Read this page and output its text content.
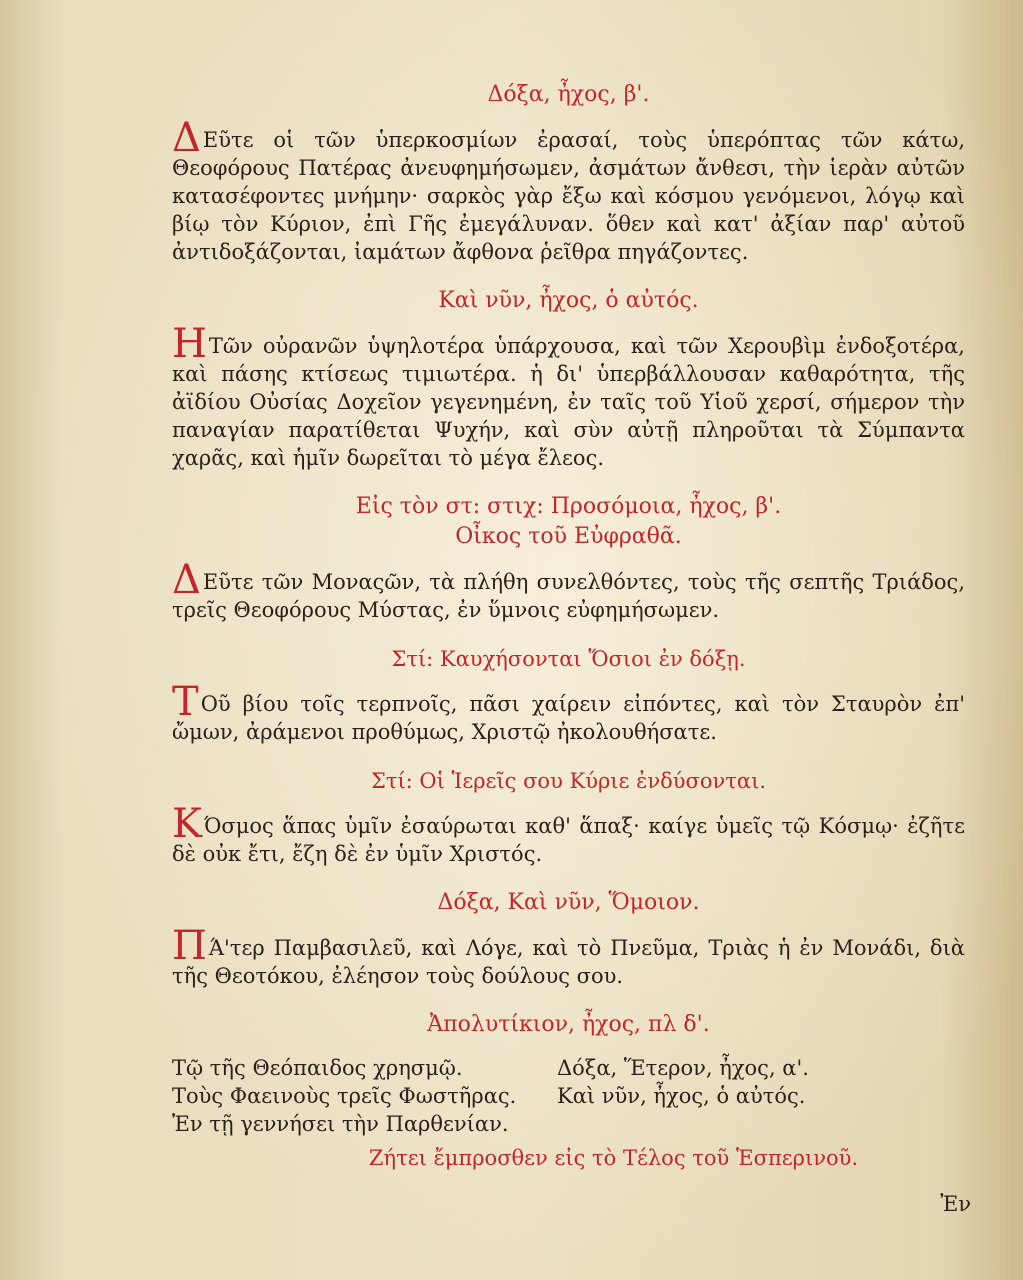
Δόξα, ἦχος, β'.

ΔΕῦτε οἱ τῶν ὑπερκοσμίων ἐρασαί, τοὺς ὑπερόπτας τῶν κάτω, Θεοφόρους Πατέρας ἀνευφημήσωμεν, ἀσμάτων ἄνθεσι, τὴν ἱερὰν αὐτῶν κατασέφοντες μνήμην· σαρκὸς γὰρ ἔξω καὶ κόσμου γενόμενοι, λόγῳ καὶ βίῳ τὸν Κύριον, ἐπὶ Γῆς ἐμεγάλυναν. ὅθεν καὶ κατ' ἀξίαν παρ' αὐτοῦ ἀντιδοξάζονται, ἰαμάτων ἄφθονα ῥεῖθρα πηγάζοντες.

Καὶ νῦν, ἦχος, ὁ αὐτός.

ΗΤῶν οὐρανῶν ὑψηλοτέρα ὑπάρχουσα, καὶ τῶν Χερουβὶμ ἐνδοξοτέρα, καὶ πάσης κτίσεως τιμιωτέρα. ἡ δι' ὑπερβάλλουσαν καθαρότητα, τῆς ἀϊδίου Οὐσίας Δοχεῖον γεγενημένη, ἐν ταῖς τοῦ Υἱοῦ χερσί, σήμερον τὴν παναγίαν παρατίθεται Ψυχήν, καὶ σὺν αὐτῇ πληροῦται τὰ Σύμπαντα χαρᾶς, καὶ ἡμῖν δωρεῖται τὸ μέγα ἔλεος.

Εἰς τὸν στ: στιχ: Προσόμοια, ἦχος, β'.

Οἶκος τοῦ Εὐφραθᾶ.

ΔΕῦτε τῶν Μοναςῶν, τὰ πλήθη συνελθόντες, τοὺς τῆς σεπτῆς Τριάδος, τρεῖς Θεοφόρους Μύστας, ἐν ὕμνοις εὐφημήσωμεν.

Στί: Καυχήσονται Ὅσιοι ἐν δόξῃ.

ΤΟῦ βίου τοῖς τερπνοῖς, πᾶσι χαίρειν εἰπόντες, καὶ τὸν Σταυρὸν ἐπ' ὤμων, ἀράμενοι προθύμως, Χριστῷ ἠκολουθήσατε.

Στί: Οἱ Ἱερεῖς σου Κύριε ἐνδύσονται.

ΚΌσμος ἅπας ὑμῖν ἐσαύρωται καθ' ἅπαξ· καίγε ὑμεῖς τῷ Κόσμῳ· ἐζῆτε δὲ οὐκ ἔτι, ἔζη δὲ ἐν ὑμῖν Χριστός.

Δόξα, Καὶ νῦν, Ὅμοιον.

ΠΆ'τερ Παμβασιλεῦ, καὶ Λόγε, καὶ τὸ Πνεῦμα, Τριὰς ἡ ἐν Μονάδι, διὰ τῆς Θεοτόκου, ἐλέησον τοὺς δούλους σου.

Ἀπολυτίκιον, ἦχος, πλ δ'.

Τῷ τῆς Θεόπαιδος χρησμῷ.	Δόξα, Ἕτερον, ἦχος, α'.
Τοὺς Φαεινοὺς τρεῖς Φωστῆρας.	Καὶ νῦν, ἦχος, ὁ αὐτός.
Ἐν τῇ γεννήσει τὴν Παρθενίαν.

Ζήτει ἔμπροσθεν εἰς τὸ Τέλος τοῦ Ἑσπερινοῦ.

Ἐν
